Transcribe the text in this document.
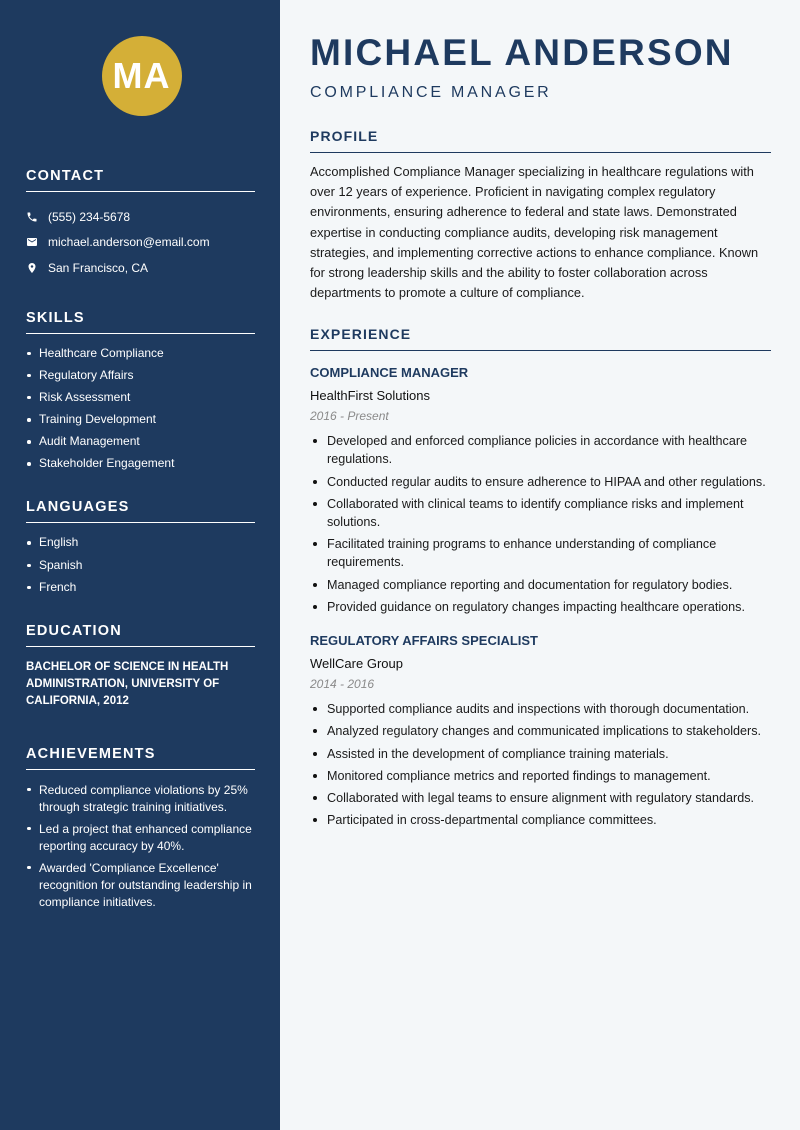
MA
CONTACT
(555) 234-5678
michael.anderson@email.com
San Francisco, CA
SKILLS
Healthcare Compliance
Regulatory Affairs
Risk Assessment
Training Development
Audit Management
Stakeholder Engagement
LANGUAGES
English
Spanish
French
EDUCATION
BACHELOR OF SCIENCE IN HEALTH ADMINISTRATION, UNIVERSITY OF CALIFORNIA, 2012
ACHIEVEMENTS
Reduced compliance violations by 25% through strategic training initiatives.
Led a project that enhanced compliance reporting accuracy by 40%.
Awarded 'Compliance Excellence' recognition for outstanding leadership in compliance initiatives.
MICHAEL ANDERSON
COMPLIANCE MANAGER
PROFILE

Accomplished Compliance Manager specializing in healthcare regulations with over 12 years of experience. Proficient in navigating complex regulatory environments, ensuring adherence to federal and state laws. Demonstrated expertise in conducting compliance audits, developing risk management strategies, and implementing corrective actions to enhance compliance. Known for strong leadership skills and the ability to foster collaboration across departments to promote a culture of compliance.

EXPERIENCE
COMPLIANCE MANAGER
HealthFirst Solutions
2016 - Present
Developed and enforced compliance policies in accordance with healthcare regulations.
Conducted regular audits to ensure adherence to HIPAA and other regulations.
Collaborated with clinical teams to identify compliance risks and implement solutions.
Facilitated training programs to enhance understanding of compliance requirements.
Managed compliance reporting and documentation for regulatory bodies.
Provided guidance on regulatory changes impacting healthcare operations.
REGULATORY AFFAIRS SPECIALIST
WellCare Group
2014 - 2016
Supported compliance audits and inspections with thorough documentation.
Analyzed regulatory changes and communicated implications to stakeholders.
Assisted in the development of compliance training materials.
Monitored compliance metrics and reported findings to management.
Collaborated with legal teams to ensure alignment with regulatory standards.
Participated in cross-departmental compliance committees.
